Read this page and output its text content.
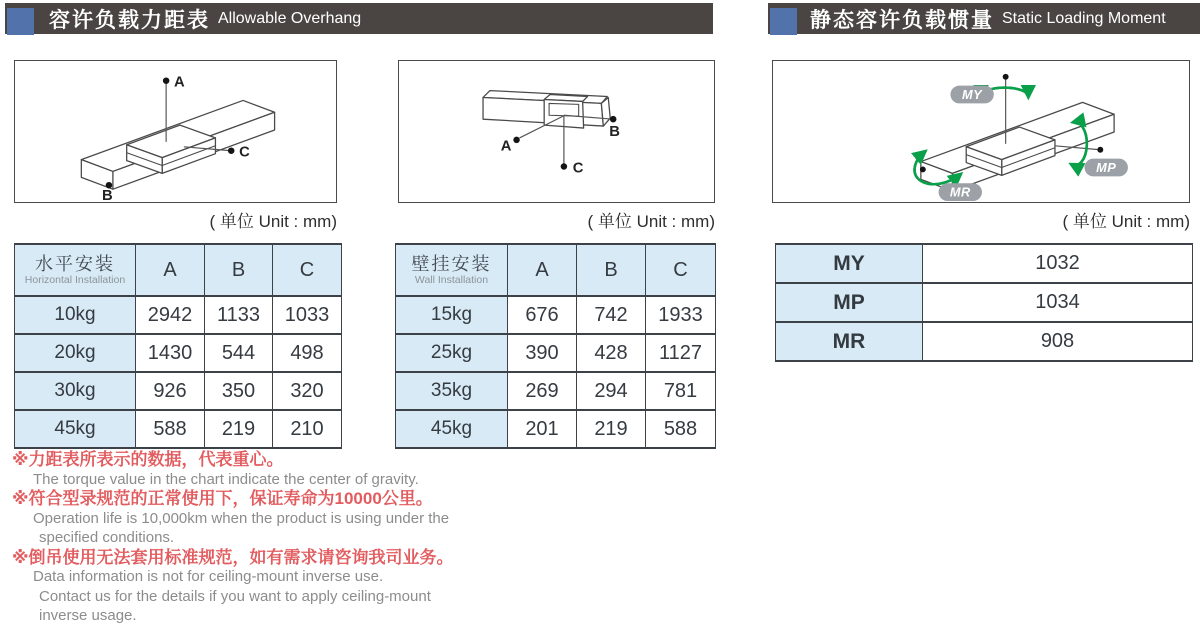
容许负载力距表 Allowable Overhang	静态容许负载惯量 Static Loading Moment
A
C
B
A
C
B
MY
MP
MR
( 单位 Unit : mm)	( 单位 Unit : mm)	( 单位 Unit : mm)
水平安装
Horizontal Installation	A	B	C
10kg	2942	1133	1033
20kg	1430	544	498
30kg	926	350	320
45kg	588	219	210
壁挂安装
Wall Installation	A	B	C
15kg	676	742	1933
25kg	390	428	1127
35kg	269	294	781
45kg	201	219	588
MY	1032
MP	1034
MR	908
※力距表所表示的数据，代表重心。
The torque value in the chart indicate the center of gravity.
※符合型录规范的正常使用下，保证寿命为10000公里。
Operation life is 10,000km when the product is using under the
specified conditions.
※倒吊使用无法套用标准规范，如有需求请咨询我司业务。
Data information is not for ceiling-mount inverse use.
Contact us for the details if you want to apply ceiling-mount
inverse usage.
